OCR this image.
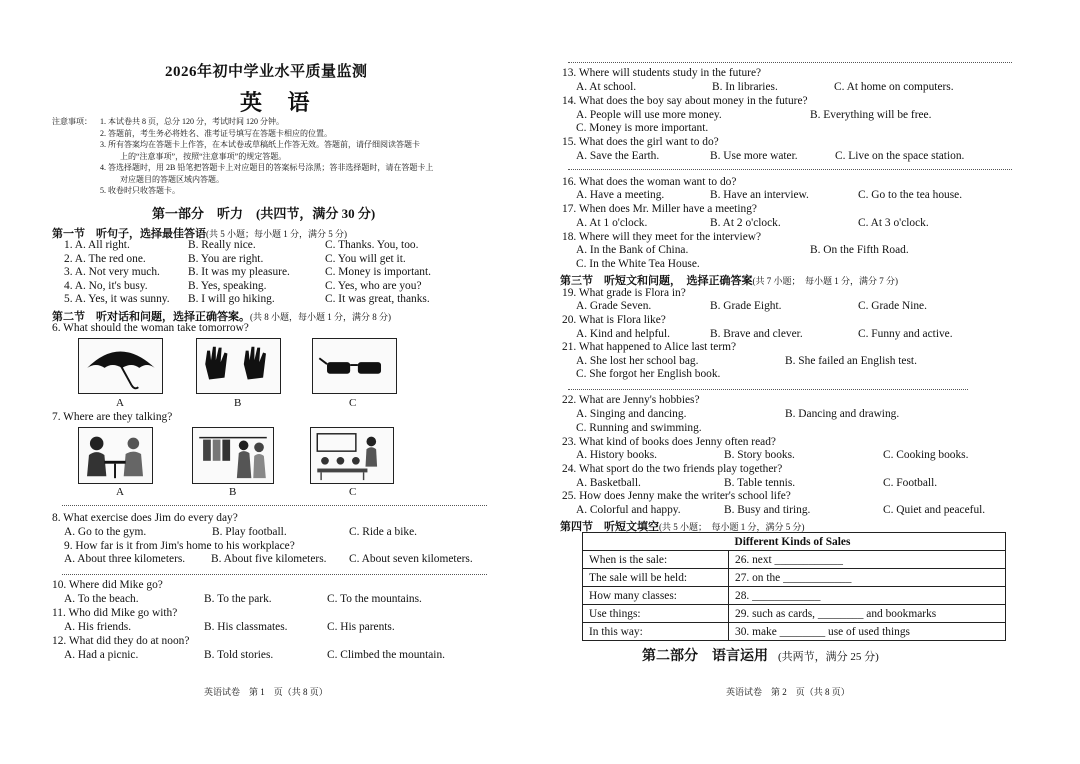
2026年初中学业水平质量监测
英 语
注意事项： 1. 本试卷共 8 页，总分 120 分，考试时间 120 分钟。
2. 答题前，考生务必将姓名、准考证号填写在答题卡相应的位置。
3. 所有答案均在答题卡上作答，在本试卷或草稿纸上作答无效。答题前，请仔细阅读答题卡
上的“注意事项”，按照“注意事项”的规定答题。
4. 答选择题时，用 2B 铅笔把答题卡上对应题目的答案标号涂黑；答非选择题时，请在答题卡上
对应题目的答题区域内答题。
5. 收卷时只收答题卡。
第一部分　听力　(共四节，满分 30 分)
第一节　听句子，选择最佳答语(共 5 小题；每小题 1 分，满分 5 分)
1. A. All right.	B. Really nice.	C. Thanks. You, too.
2. A. The red one.	B. You are right.	C. You will get it.
3. A. Not very much. B. It was my pleasure.	C. Money is important.
4. A. No, it's busy.	B. Yes, speaking.	C. Yes, who are you?
5. A. Yes, it was sunny. B. I will go hiking.	C. It was great, thanks.
第二节　听对话和问题，选择正确答案。(共 8 小题，每小题 1 分，满分 8 分)
6. What should the woman take tomorrow?
A	B	C
7. Where are they talking?
A	B	C
8. What exercise does Jim do every day?
A. Go to the gym.	B. Play football.	C. Ride a bike.
9. How far is it from Jim's home to his workplace?
A. About three kilometers. B. About five kilometers. C. About seven kilometers.
10. Where did Mike go?
A. To the beach.	B. To the park.	C. To the mountains.
11. Who did Mike go with?
A. His friends.	B. His classmates.	C. His parents.
12. What did they do at noon?
A. Had a picnic.	B. Told stories.	C. Climbed the mountain.
英语试卷　第 1　页（共 8 页）
13. Where will students study in the future?
A. At school.	B. In libraries.	C. At home on computers.
14. What does the boy say about money in the future?
A. People will use more money.	B. Everything will be free.
C. Money is more important.
15. What does the girl want to do?
A. Save the Earth.	B. Use more water.	C. Live on the space station.
16. What does the woman want to do?
A. Have a meeting.	B. Have an interview.	C. Go to the tea house.
17. When does Mr. Miller have a meeting?
A. At 1 o'clock.	B. At 2 o'clock.	C. At 3 o'clock.
18. Where will they meet for the interview?
A. In the Bank of China.	B. On the Fifth Road.
C. In the White Tea House.
第三节　听短文和问题，　选择正确答案(共 7 小题；　每小题 1 分，满分 7 分)
19. What grade is Flora in?
A. Grade Seven.	B. Grade Eight.	C. Grade Nine.
20. What is Flora like?
A. Kind and helpful.	B. Brave and clever.	C. Funny and active.
21. What happened to Alice last term?
A. She lost her school bag.	B. She failed an English test.
C. She forgot her English book.
22. What are Jenny's hobbies?
A. Singing and dancing.	B. Dancing and drawing.
C. Running and swimming.
23. What kind of books does Jenny often read?
A. History books.	B. Story books.	C. Cooking books.
24. What sport do the two friends play together?
A. Basketball.	B. Table tennis.	C. Football.
25. How does Jenny make the writer's school life?
A. Colorful and happy.	B. Busy and tiring.	C. Quiet and peaceful.
第四节　听短文填空(共 5 小题；　每小题 1 分，满分 5 分)
	Different Kinds of Sales
When is the sale:	26. next ____________
The sale will be held:	27. on the ____________
How many classes:	28. ____________
Use things:	29. such as cards, ________ and bookmarks
In this way:	30. make ________ use of used things
第二部分　语言运用 (共两节，满分 25 分)
英语试卷　第 2　页（共 8 页）
